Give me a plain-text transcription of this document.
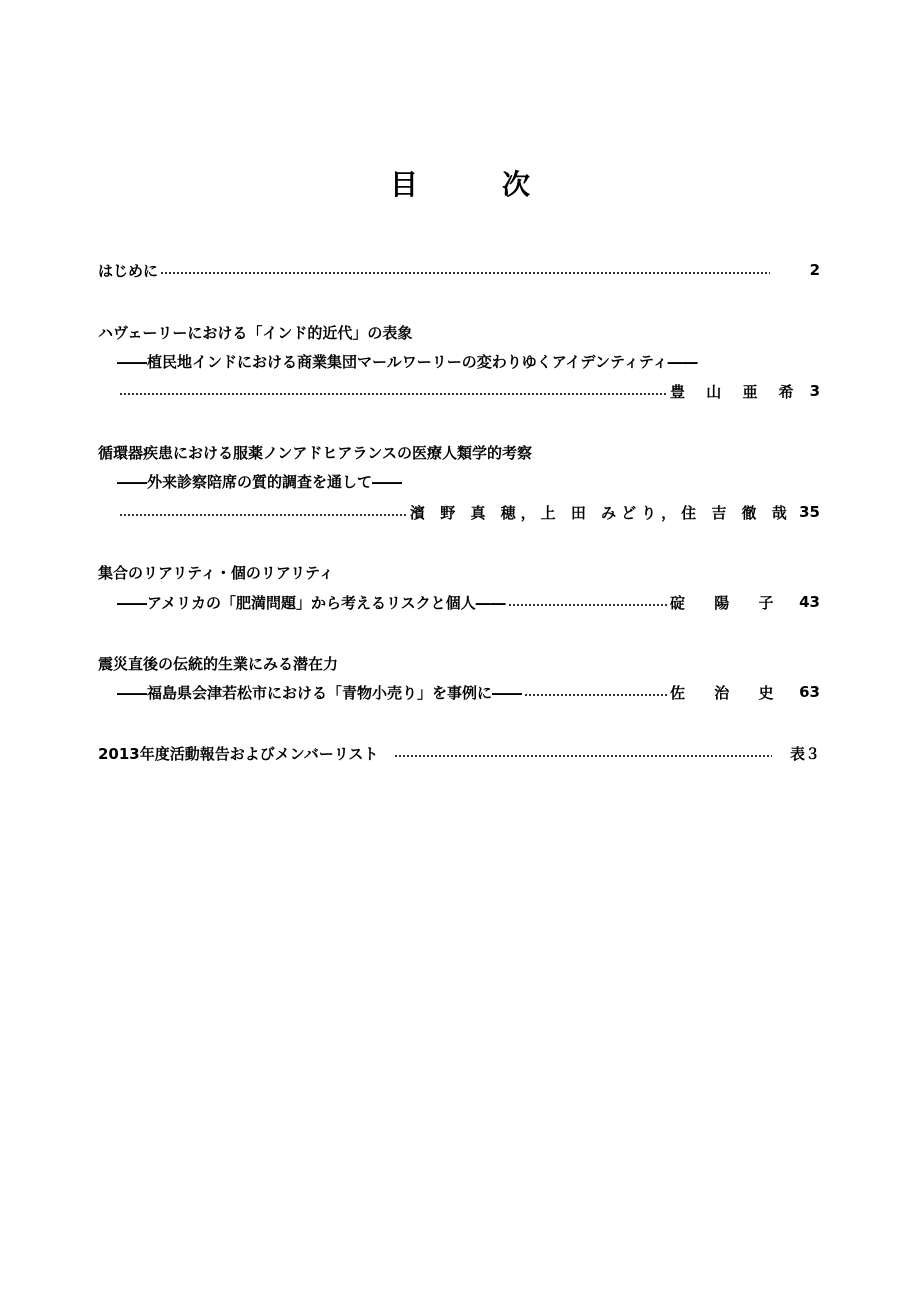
目	次
はじめに	2
ハヴェーリーにおける「インド的近代」の表象
――植民地インドにおける商業集団マールワーリーの変わりゆくアイデンティティ――
豊 山 亜 希 3
循環器疾患における服薬ノンアドヒアランスの医療人類学的考察
――外来診察陪席の質的調査を通して――
濱 野 真 穂，上 田 みどり，住 吉 徹 哉 35
集合のリアリティ・個のリアリティ
――アメリカの「肥満問題」から考えるリスクと個人――	碇 陽 子 43
震災直後の伝統的生業にみる潜在力
――福島県会津若松市における「青物小売り」を事例に――	佐 治 史 63
2013年度活動報告およびメンバーリスト	表３
